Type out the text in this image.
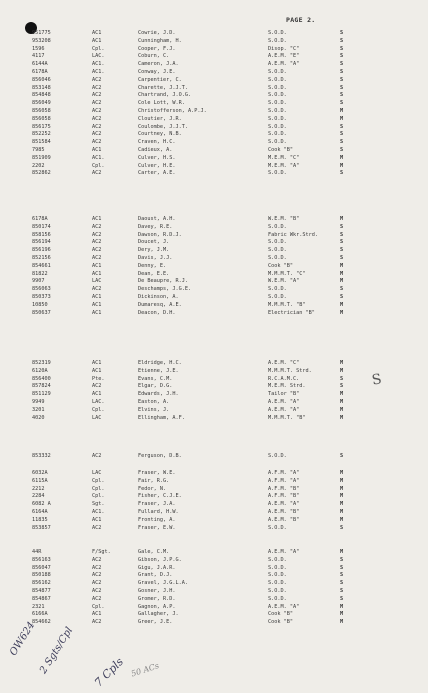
PAGE 2.
951775	AC1	Cowrie, J.D.	S.O.D.	S
953208	AC1	Cunningham, H.	S.O.D.	S
1596	Cpl.	Cooper, F.J.	Disop. "C"	S
4117	LAC.	Coburn, C.	A.E.M. "E"	S
6144A	AC1.	Cameron, J.A.	A.E.M. "A"	S
6178A	AC1.	Conway, J.E.	S.O.D.	S
856046	AC2	Carpentier, C.	S.O.D.	S
853148	AC2	Charette, J.J.T.	S.O.D.	S
854848	AC2	Chartrand, J.O.G.	S.O.D.	S
856049	AC2	Cole Lott, W.R.	S.O.D.	S
856058	AC2	Christofferson, A.P.J.	S.O.D.	M
856058	AC2	Cloutier, J.R.	S.O.D.	M
856175	AC2	Coulombe, J.J.T.	S.O.D.	S
852252	AC2	Courtney, N.B.	S.O.D.	S
851584	AC2	Craven, H.C.	S.O.D.	S
7985	AC1	Cadieux, A.	Cook "B"	S
851909	AC1.	Culver, H.S.	M.E.M. "C"	M
2202	Cpl.	Culver, H.E.	M.E.M. "A"	M
852862	AC2	Carter, A.E.	S.O.D.	S
6178A	AC1	Daoust, A.H.	W.E.M. "B"	M
850174	AC2	Davey, R.E.	S.O.D.	S
858156	AC2	Dawson, R.D.J.	Fabric Wkr.Strd.	S
856194	AC2	Doucet, J.	S.O.D.	S
856196	AC2	Dery, J.M.	S.O.D.	S
852156	AC2	Davis, J.J.	S.O.D.	S
854661	AC1	Denny, E.	Cook "B"	M
81822	AC1	Dean, E.E.	M.M.M.T. "C"	M
9907	LAC	De Beaupre, R.J.	W.E.M. "A"	M
856063	AC2	Deschamps, J.G.E.	S.O.D.	S
850373	AC1	Dickinson, A.	S.O.D.	S
10850	AC1	Dumaresq, A.E.	M.M.M.T. "B"	M
850637	AC1	Deacon, D.H.	Electrician "B"	M
852319	AC1	Eldridge, H.C.	A.E.M. "C"	M
6120A	AC1	Etienne, J.E.	M.M.M.T. Strd.	M
856400	Pte.	Evans, C.M.	R.C.A.M.C.	S
857824	AC2	Elgar, D.G.	M.E.M. Strd.	S
851129	AC1	Edwards, J.H.	Tailor "B"	M
9949	LAC.	Easton, A.	A.E.M. "A"	M
3201	Cpl.	Elvins, J.	A.E.M. "A"	M
4020	LAC	Ellingham, A.F.	M.M.M.T. "B"	M
853332	AC2	Ferguson, D.B.	S.O.D.	S
6032A	LAC	Fraser, W.E.	A.F.M. "A"	M
6115A	Cpl.	Fair, R.G.	A.F.M. "A"	M
2212	Cpl.	Fedor, N.	A.F.M. "B"	M
2284	Cpl.	Fisher, C.J.E.	A.F.M. "B"	M
6082 A	Sgt.	Fraser, J.A.	A.E.M. "A"	M
6164A	AC1.	Fullard, H.W.	A.E.M. "B"	M
11835	AC1	Fronting, A.	A.E.M. "B"	M
853857	AC2	Fraser, E.W.	S.O.D.	S
44R	F/Sgt.	Gale, C.M.	A.E.M. "A"	M
856163	AC2	Gibson, J.P.G.	S.O.D.	S
856047	AC2	Gigu, J.A.R.	S.O.D.	S
850188	AC2	Grant, D.J.	S.O.D.	S
856162	AC2	Gravel, J.G.L.A.	S.O.D.	S
854877	AC2	Gosner, J.H.	S.O.D.	S
854867	AC2	Gromer, R.D.	S.O.D.	S
2321	Cpl.	Gagnon, A.P.	A.E.M. "A"	M
6166A	AC1	Gallagher, J.	Cook "B"	M
854662	AC2	Greer, J.E.	Cook "B"	M
S
OW624 2 Sgts/Cpl 7 Cpls 50 ACs
